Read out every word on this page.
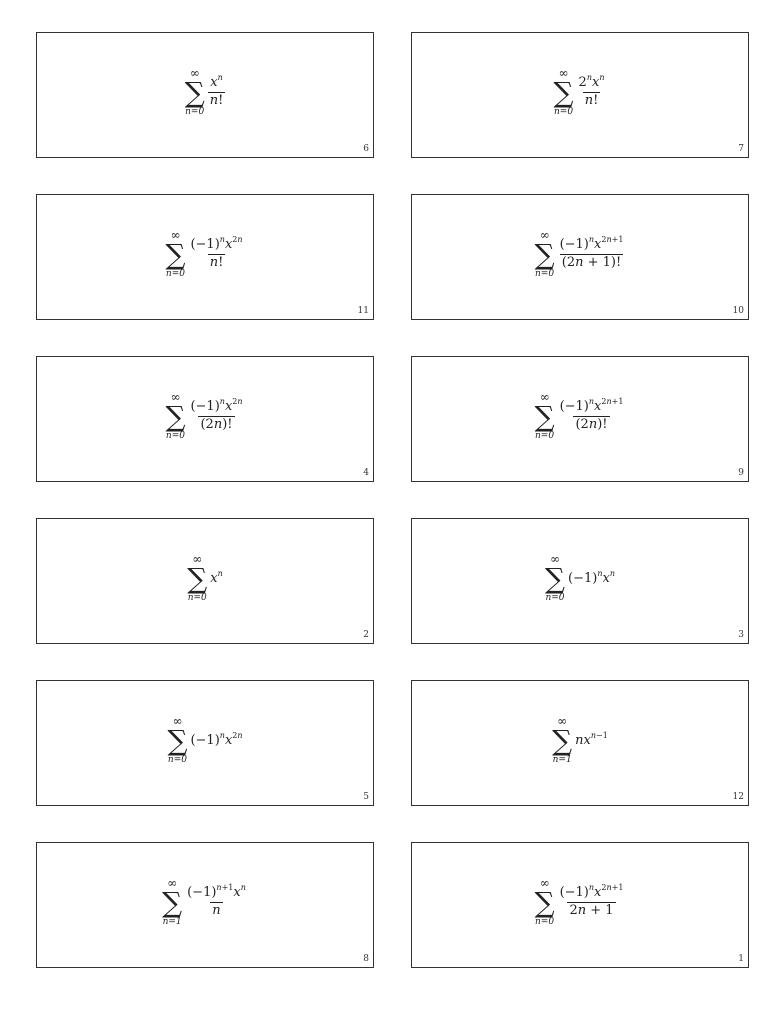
∞
∑
n=0
$\frac{x^n}{n!}$
6
∞
∑
n=0
$\frac{2^nx^n}{n!}$
7
∞
∑
n=0
$\frac{(-1)^nx^{2n}}{n!}$
11
∞
∑
n=0
$\frac{(-1)^nx^{2n+1}}{(2n + 1)!}$
10
∞
∑
n=0
$\frac{(-1)^nx^{2n}}{(2n)!}$
4
∞
∑
n=0
$\frac{(-1)^nx^{2n+1}}{(2n)!}$
9
∞
∑
n=0
$x^n$
2
∞
∑
n=0
$(-1)^nx^n$
3
∞
∑
n=0
$(-1)^nx^{2n}$
5
∞
∑
n=1
$nx^{n-1}$
12
∞
∑
n=1
$\frac{(-1)^{n+1}x^n}{n}$
8
∞
∑
n=0
$\frac{(-1)^nx^{2n+1}}{2n + 1}$
1
